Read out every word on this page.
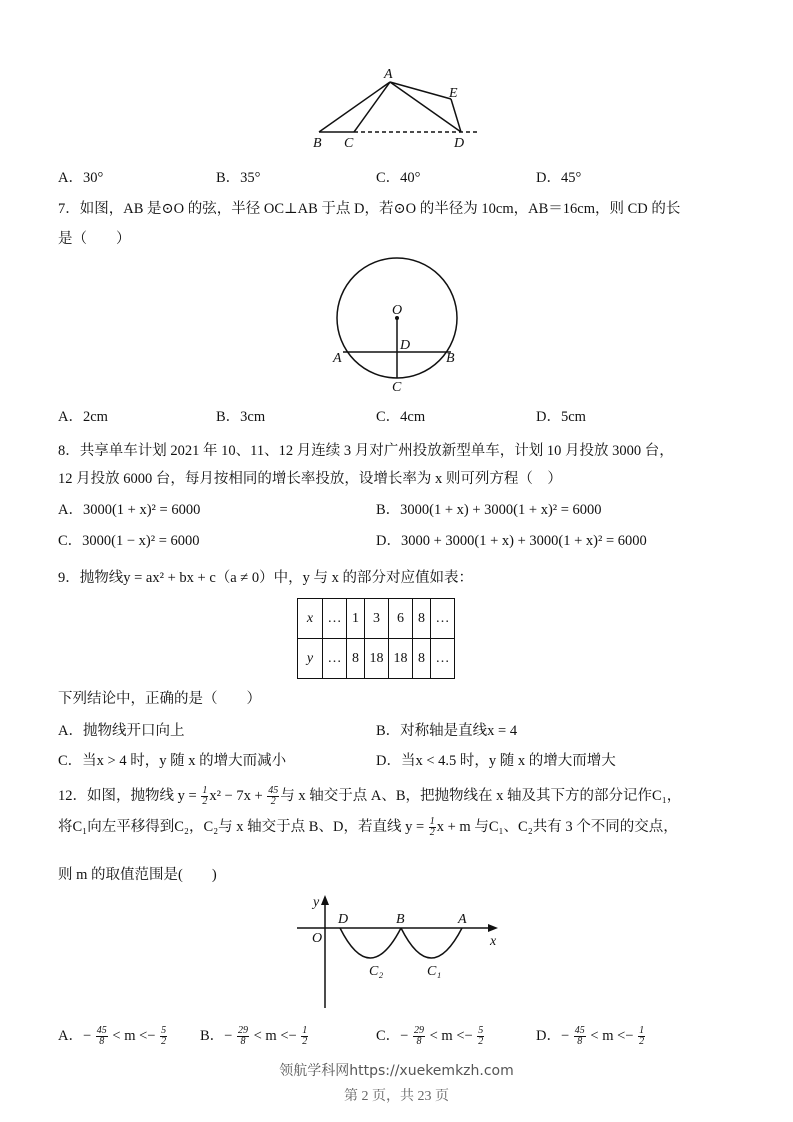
A
E
B C	D
O
A	B
D
C
y
x
O
D	B	A
C₂	C₁
A．30°	B．35°	C．40°	D．45°
7．如图，AB 是⊙O 的弦，半径 OC⊥AB 于点 D，若⊙O 的半径为 10cm，AB＝16cm，则 CD 的长
是（　　）
A．2cm	B．3cm	C．4cm	D．5cm
8．共享单车计划 2021 年 10、11、12 月连续 3 月对广州投放新型单车，计划 10 月投放 3000 台，
12 月投放 6000 台，每月按相同的增长率投放，设增长率为 x 则可列方程（　）
A．3000(1 + x)² = 6000	B．3000(1 + x) + 3000(1 + x)² = 6000
C．3000(1 − x)² = 6000	D．3000 + 3000(1 + x) + 3000(1 + x)² = 6000
9．抛物线y = ax² + bx + c（a ≠ 0）中，y 与 x 的部分对应值如表：
x	…	1	3	6	8	…
y	…	8	18	18	8	…
下列结论中，正确的是（　　）
A．抛物线开口向上	B．对称轴是直线x = 4
C．当x > 4 时，y 随 x 的增大而减小	D．当x < 4.5 时，y 随 x 的增大而增大
12．如图，抛物线 $y = \frac{1}{2} x^2 - 7x + \frac{45}{2}$ 与 x 轴交于点 A、B，把抛物线在 x 轴及其下方的部分记作C₁，
将C₁向左平移得到C₂，C₂与 x 轴交于点 B、D，若直线 $y = \frac{1}{2}$ x + m 与C₁、C₂共有 3 个不同的交点，
则 m 的取值范围是(　　)
A．− $\frac{45}{8} < m <- \frac{5}{2}$ B．− $\frac{29}{8} < m <- \frac{1}{2}$	C．− $\frac{29}{8} < m <- \frac{5}{2}$	D．− $\frac{45}{8} < m <- \frac{1}{2}$
领航学科网https://xuekemkzh.com
第 2 页，共 23 页
